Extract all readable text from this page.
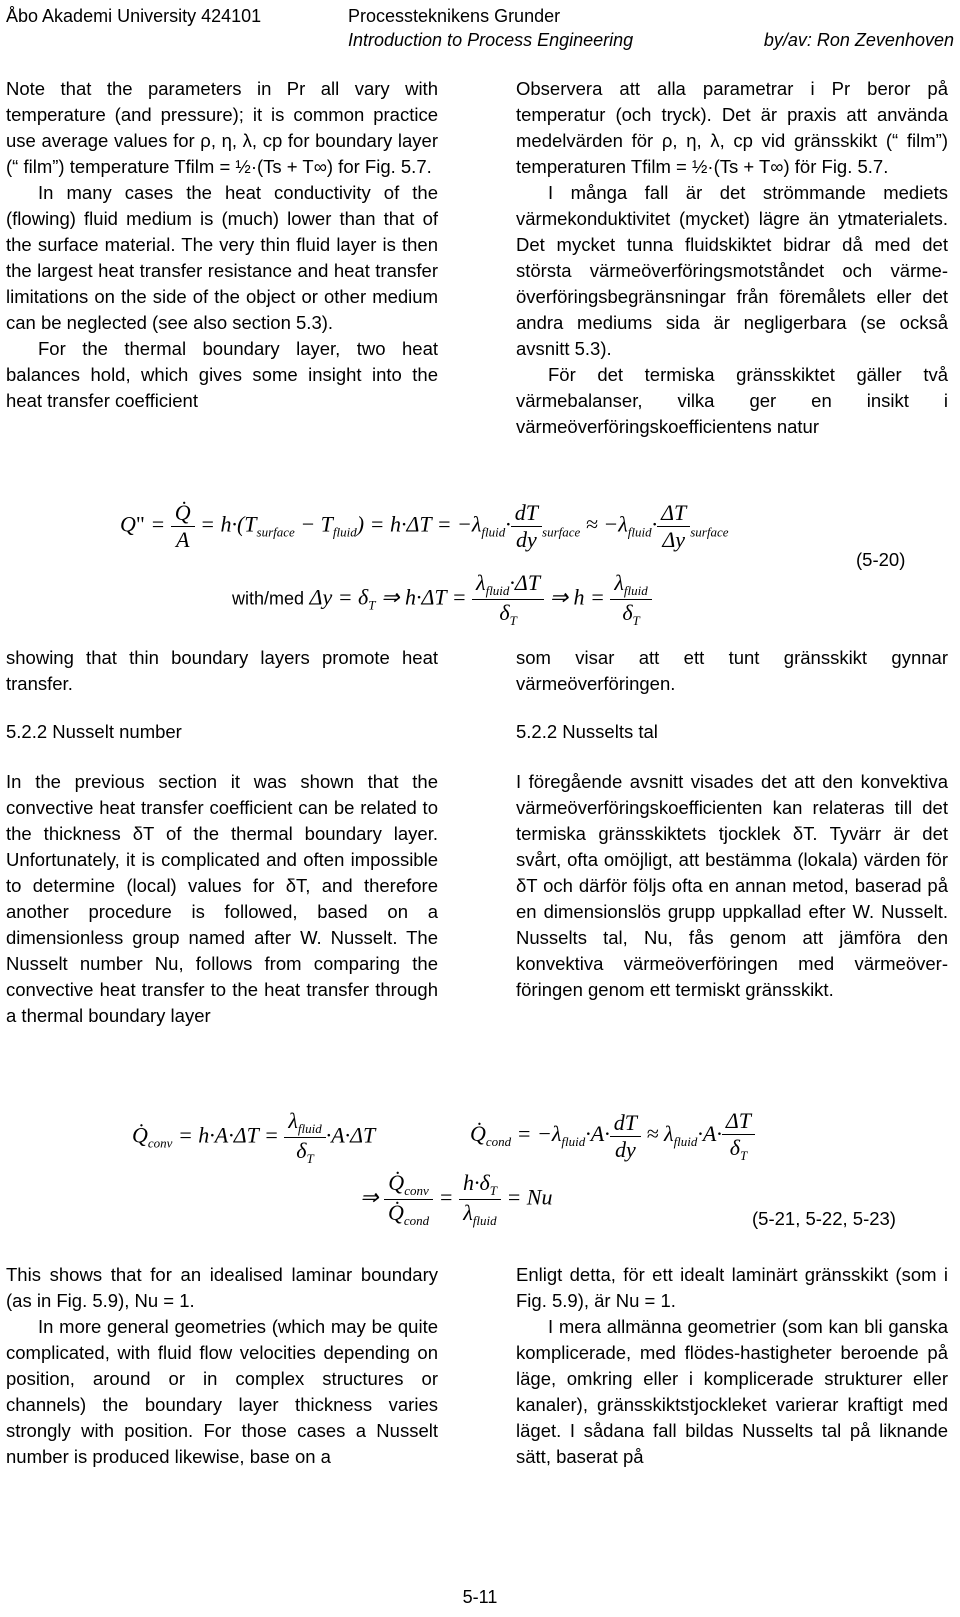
Åbo Akademi University 424101	Processteknikens Grunder
Introduction to Process Engineering	by/av: Ron Zevenhoven

Note that the parameters in Pr all vary with temperature (and pressure); it is common practice use average values for ρ, η, λ, cp for boundary layer (“ film”) temperature Tfilm = ½·(Ts + T∞) for Fig. 5.7.

In many cases the heat conductivity of the (flowing) fluid medium is (much) lower than that of the surface material. The very thin fluid layer is then the largest heat transfer resistance and heat transfer limitations on the side of the object or other medium can be neglected (see also section 5.3).

For the thermal boundary layer, two heat balances hold, which gives some insight into the heat transfer coefficient

Observera att alla parametrar i Pr beror på temperatur (och tryck). Det är praxis att använda medelvärden för ρ, η, λ, cp vid gränsskikt (“ film”) temperaturen Tfilm = ½·(Ts + T∞) för Fig. 5.7.

I många fall är det strömmande mediets värmekonduktivitet (mycket) lägre än ytmaterialets. Det mycket tunna fluidskiktet bidrar då med det största värmeöverföringsmotståndet och värme-överföringsbegränsningar från föremålets eller det andra mediums sida är negligerbara (se också avsnitt 5.3).

För det termiska gränsskiktet gäller två värmebalanser, vilka ger en insikt i värmeöverföringskoefficientens natur

Q" = $\frac{Q̇}{A} = h\cdot(T_{surface} - T_{fluid}) = h\cdot\Delta T = -\lambda_{fluid}\cdot \frac{dT}{dy} _{surface} \approx -\lambda_{fluid}\cdot \frac{\Delta T}{\Delta y} _{surface}$
with/med $\Delta y = \delta_T$ ⇒ $h\cdot\Delta T = \frac{\lambda_{fluid}\cdot\Delta T}{\delta_T}$ ⇒ $h = \frac{\lambda_{fluid}}{\delta_T}$
(5-20)

showing that thin boundary layers promote heat transfer.

5.2.2 Nusselt number

In the previous section it was shown that the convective heat transfer coefficient can be related to the thickness δT of the thermal boundary layer. Unfortunately, it is complicated and often impossible to determine (local) values for δT, and therefore another procedure is followed, based on a dimensionless group named after W. Nusselt. The Nusselt number Nu, follows from comparing the convective heat transfer to the heat transfer through a thermal boundary layer

som visar att ett tunt gränsskikt gynnar värmeöverföringen.

5.2.2 Nusselts tal

I föregående avsnitt visades det att den konvektiva värmeöverföringskoefficienten kan relateras till det termiska gränsskiktets tjocklek δT. Tyvärr är det svårt, ofta omöjligt, att bestämma (lokala) värden för δT och därför följs ofta en annan metod, baserad på en dimensionslös grupp uppkallad efter W. Nusselt. Nusselts tal, Nu, fås genom att jämföra den konvektiva värmeöverföringen med värmeöver-föringen genom ett termiskt gränsskikt.

$Q̇_{conv} = h\cdot A\cdot\Delta T = \frac{\lambda_{fluid}}{\delta_T} \cdot A\cdot\Delta T$	$Q̇_{cond} = -\lambda_{fluid}\cdot A\cdot \frac{dT}{dy} \approx \lambda_{fluid}\cdot A\cdot \frac{\Delta T}{\delta_T}$
⇒ $\frac{Q̇_{conv}}{Q̇_{cond}} = \frac{h\cdot\delta_T}{\lambda_{fluid}} = Nu$
(5-21, 5-22, 5-23)

This shows that for an idealised laminar boundary (as in Fig. 5.9), Nu = 1.

In more general geometries (which may be quite complicated, with fluid flow velocities depending on position, around or in complex structures or channels) the boundary layer thickness varies strongly with position. For those cases a Nusselt number is produced likewise, base on a

Enligt detta, för ett idealt laminärt gränsskikt (som i Fig. 5.9), är Nu = 1.

I mera allmänna geometrier (som kan bli ganska komplicerade, med flödes-hastigheter beroende på läge, omkring eller i komplicerade strukturer eller kanaler), gränsskiktstjockleket varierar kraftigt med läget. I sådana fall bildas Nusselts tal på liknande sätt, baserat på

5-11
